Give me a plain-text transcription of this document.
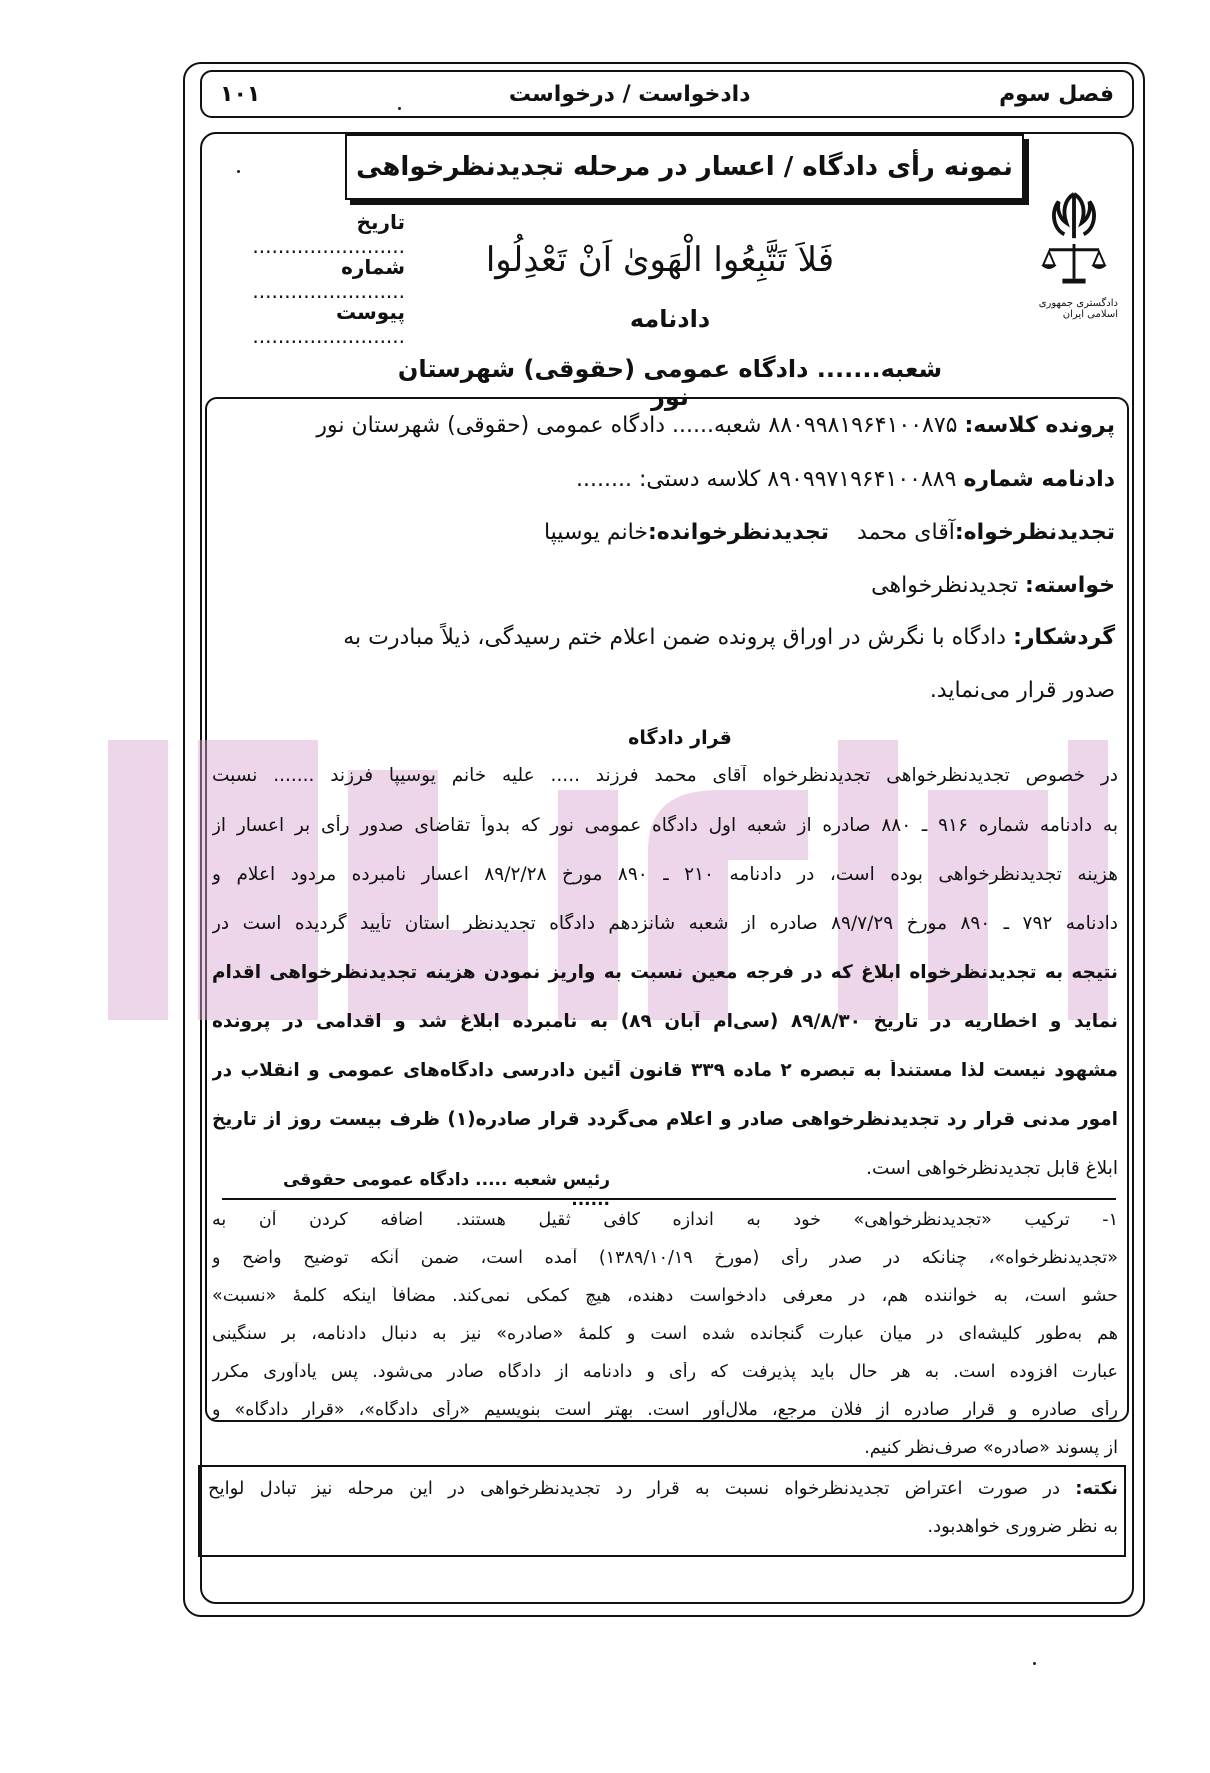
فصل سوم
دادخواست / درخواست
۱۰۱
نمونه رأی دادگاه / اعسار در مرحله تجدیدنظرخواهی
دادگستری جمهوری اسلامی ایران
تاریخ ........................
شماره ........................
پیوست ........................
فَلاَ تَتَّبِعُوا الْهَوىٰ اَنْ تَعْدِلُوا
دادنامه
شعبه....... دادگاه عمومی (حقوقی) شهرستان نور
پرونده کلاسه: ۸۸۰۹۹۸۱۹۶۴۱۰۰۸۷۵ شعبه...... دادگاه عمومی (حقوقی) شهرستان نور
دادنامه شماره ۸۹۰۹۹۷۱۹۶۴۱۰۰۸۸۹ کلاسه دستی: ........
تجدیدنظرخواه:آقای محمد    تجدیدنظرخوانده:خانم یوسیپا
خواسته: تجدیدنظرخواهی
گردشکار: دادگاه با نگرش در اوراق پرونده ضمن اعلام ختم رسیدگی، ذیلاً مبادرت به
صدور قرار می‌نماید.
قرار دادگاه
در خصوص تجدیدنظرخواهی تجدیدنظرخواه آقای محمد فرزند ..... علیه خانم یوسیپا فرزند ....... نسبت
به دادنامه شماره ۹۱۶ ـ ۸۸۰ صادره از شعبه اول دادگاه عمومی نور که بدواً تقاضای صدور رأی بر اعسار از
هزینه تجدیدنظرخواهی بوده است، در دادنامه ۲۱۰ ـ ۸۹۰ مورخ ۸۹/۲/۲۸ اعسار نامبرده مردود اعلام و
دادنامه ۷۹۲ ـ ۸۹۰ مورخ ۸۹/۷/۲۹ صادره از شعبه شانزدهم دادگاه تجدیدنظر استان تأیید گردیده است در
نتیجه به تجدیدنظرخواه ابلاغ که در فرجه معین نسبت به واریز نمودن هزینه تجدیدنظرخواهی اقدام
نماید و اخطاریه در تاریخ ۸۹/۸/۳۰ (سی‌ام آبان ۸۹) به نامبرده ابلاغ شد و اقدامی در پرونده
مشهود نیست لذا مستنداً به تبصره ۲ ماده ۳۳۹ قانون آئین دادرسی دادگاه‌های عمومی و انقلاب در
امور مدنی قرار رد تجدیدنظرخواهی صادر و اعلام می‌گردد قرار صادره(۱) ظرف بیست روز از تاریخ
ابلاغ قابل تجدیدنظرخواهی است.
رئیس شعبه ..... دادگاه عمومی حقوقی ......
۱- ترکیب «تجدیدنظرخواهی» خود به اندازه کافی ثقیل هستند. اضافه کردن آن به
«تجدیدنظرخواه»، چنانکه در صدر رأی (مورخ ۱۳۸۹/۱۰/۱۹) آمده است، ضمن آنکه توضیح واضح و
حشو است، به خواننده هم، در معرفی دادخواست دهنده، هیچ کمکی نمی‌کند. مضافاً اینکه کلمهٔ «نسبت»
هم به‌طور کلیشه‌ای در میان عبارت گنجانده شده است و کلمهٔ «صادره» نیز به دنبال دادنامه، بر سنگینی
عبارت افزوده است. به هر حال باید پذیرفت که رأی و دادنامه از دادگاه صادر می‌شود. پس یادآوری مکرر
رأی صادره و قرار صادره از فلان مرجع، ملال‌آور است. بهتر است بنویسیم «رأی دادگاه»، «قرار دادگاه» و
از پسوند «صادره» صرف‌نظر کنیم.
نکته: در صورت اعتراض تجدیدنظرخواه نسبت به قرار رد تجدیدنظرخواهی در این مرحله نیز تبادل لوایح
به نظر ضروری خواهدبود.
